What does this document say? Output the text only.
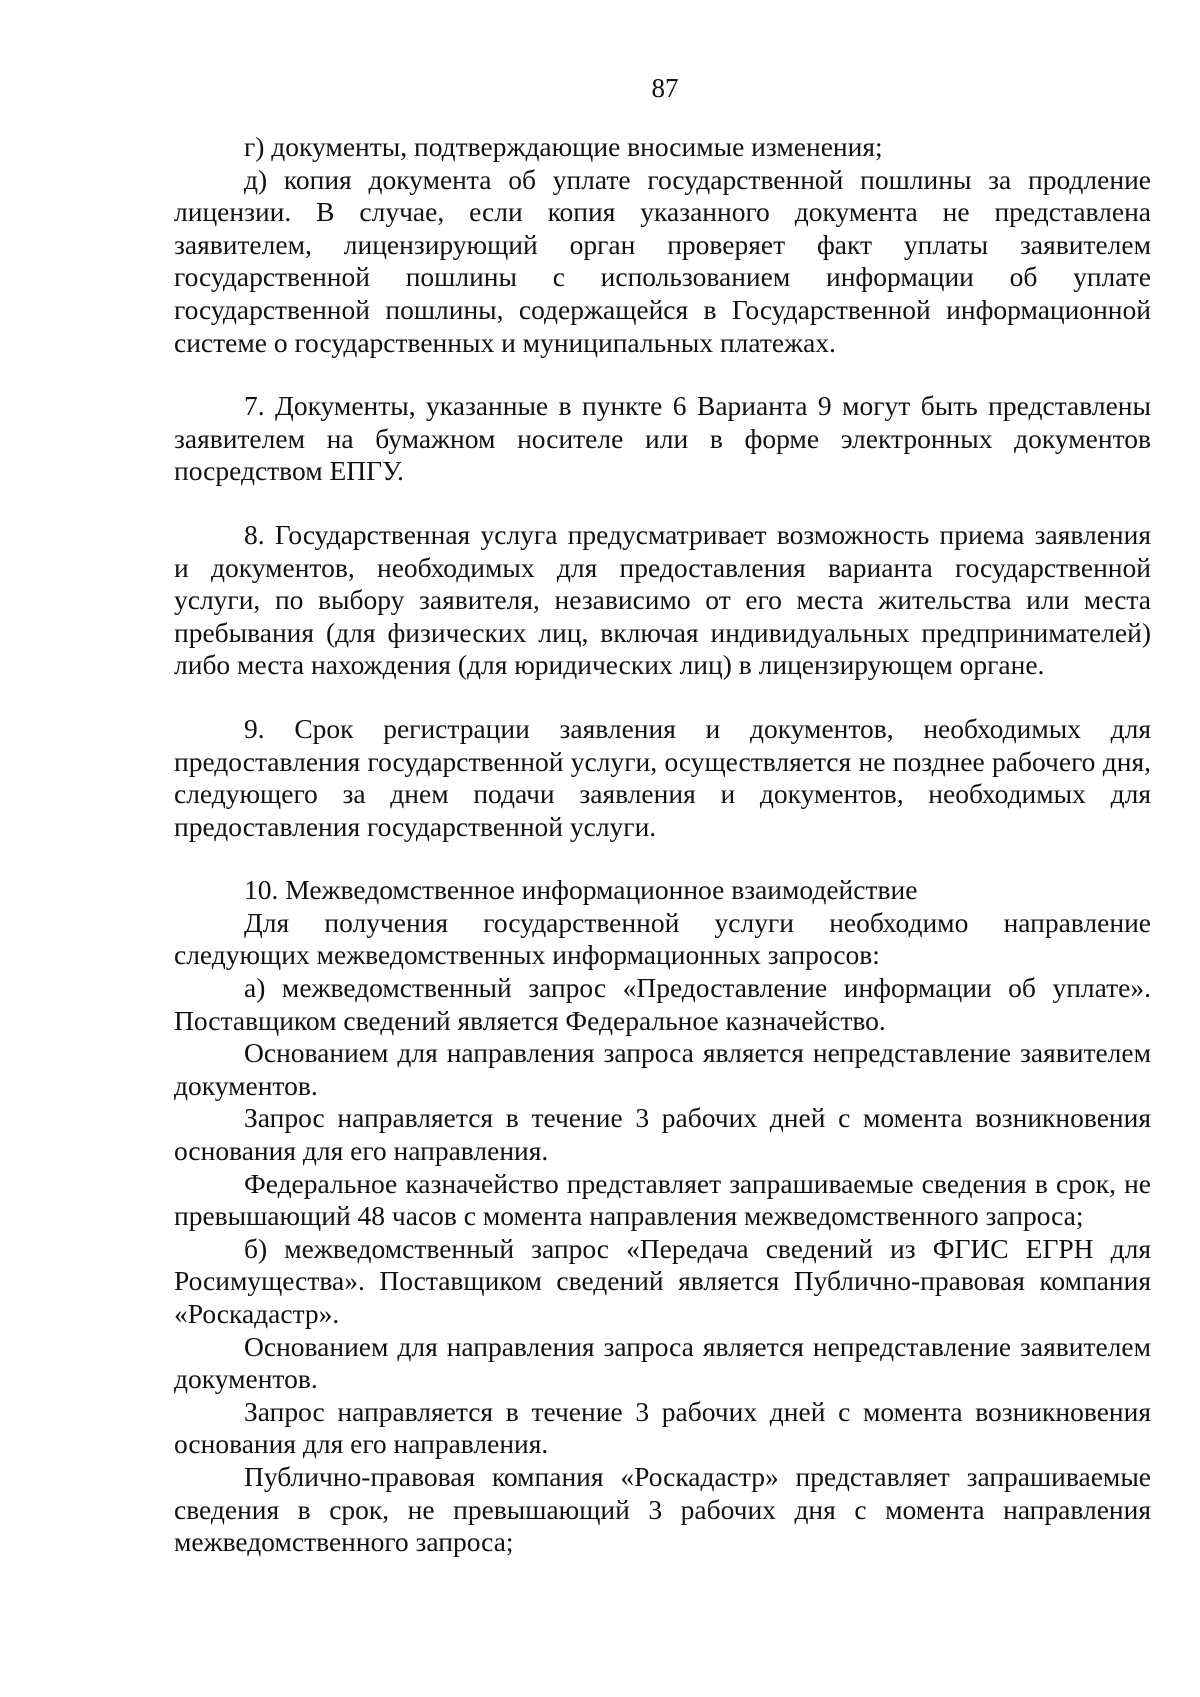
87

г) документы, подтверждающие вносимые изменения;

д) копия документа об уплате государственной пошлины за продление лицензии. В случае, если копия указанного документа не представлена заявителем, лицензирующий орган проверяет факт уплаты заявителем государственной пошлины с использованием информации об уплате государственной пошлины, содержащейся в Государственной информационной системе о государственных и муниципальных платежах.

7. Документы, указанные в пункте 6 Варианта 9 могут быть представлены заявителем на бумажном носителе или в форме электронных документов посредством ЕПГУ.

8. Государственная услуга предусматривает возможность приема заявления и документов, необходимых для предоставления варианта государственной услуги, по выбору заявителя, независимо от его места жительства или места пребывания (для физических лиц, включая индивидуальных предпринимателей) либо места нахождения (для юридических лиц) в лицензирующем органе.

9. Срок регистрации заявления и документов, необходимых для предоставления государственной услуги, осуществляется не позднее рабочего дня, следующего за днем подачи заявления и документов, необходимых для предоставления государственной услуги.

10. Межведомственное информационное взаимодействие

Для получения государственной услуги необходимо направление следующих межведомственных информационных запросов:

а) межведомственный запрос «Предоставление информации об уплате». Поставщиком сведений является Федеральное казначейство.

Основанием для направления запроса является непредставление заявителем документов.

Запрос направляется в течение 3 рабочих дней с момента возникновения основания для его направления.

Федеральное казначейство представляет запрашиваемые сведения в срок, не превышающий 48 часов с момента направления межведомственного запроса;

б) межведомственный запрос «Передача сведений из ФГИС ЕГРН для Росимущества». Поставщиком сведений является Публично-правовая компания «Роскадастр».

Основанием для направления запроса является непредставление заявителем документов.

Запрос направляется в течение 3 рабочих дней с момента возникновения основания для его направления.

Публично-правовая компания «Роскадастр» представляет запрашиваемые сведения в срок, не превышающий 3 рабочих дня с момента направления межведомственного запроса;
